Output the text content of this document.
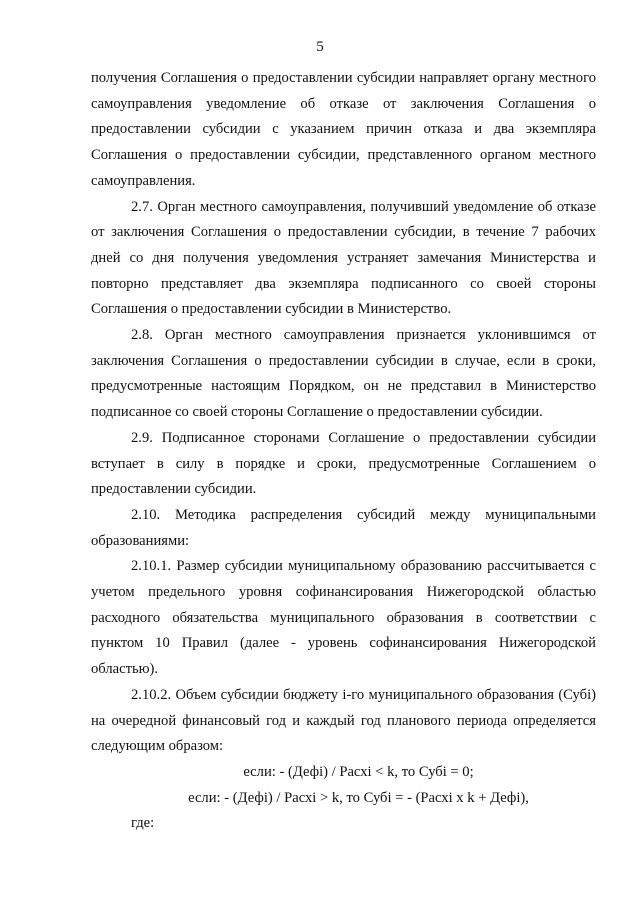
5

получения Соглашения о предоставлении субсидии направляет органу местного самоуправления уведомление об отказе от заключения Соглашения о предоставлении субсидии с указанием причин отказа и два экземпляра Соглашения о предоставлении субсидии, представленного органом местного самоуправления.

2.7. Орган местного самоуправления, получивший уведомление об отказе от заключения Соглашения о предоставлении субсидии, в течение 7 рабочих дней со дня получения уведомления устраняет замечания Министерства и повторно представляет два экземпляра подписанного со своей стороны Соглашения о предоставлении субсидии в Министерство.

2.8. Орган местного самоуправления признается уклонившимся от заключения Соглашения о предоставлении субсидии в случае, если в сроки, предусмотренные настоящим Порядком, он не представил в Министерство подписанное со своей стороны Соглашение о предоставлении субсидии.

2.9. Подписанное сторонами Соглашение о предоставлении субсидии вступает в силу в порядке и сроки, предусмотренные Соглашением о предоставлении субсидии.

2.10. Методика распределения субсидий между муниципальными образованиями:

2.10.1. Размер субсидии муниципальному образованию рассчитывается с учетом предельного уровня софинансирования Нижегородской областью расходного обязательства муниципального образования в соответствии с пунктом 10 Правил (далее - уровень софинансирования Нижегородской областью).

2.10.2. Объем субсидии бюджету i-го муниципального образования (Субі) на очередной финансовый год и каждый год планового периода определяется следующим образом:

если: - (Дефі) / Расхі < k, то Субі = 0;

если: - (Дефі) / Расхі > k, то Субі = - (Расхі x k + Дефі),

где:
